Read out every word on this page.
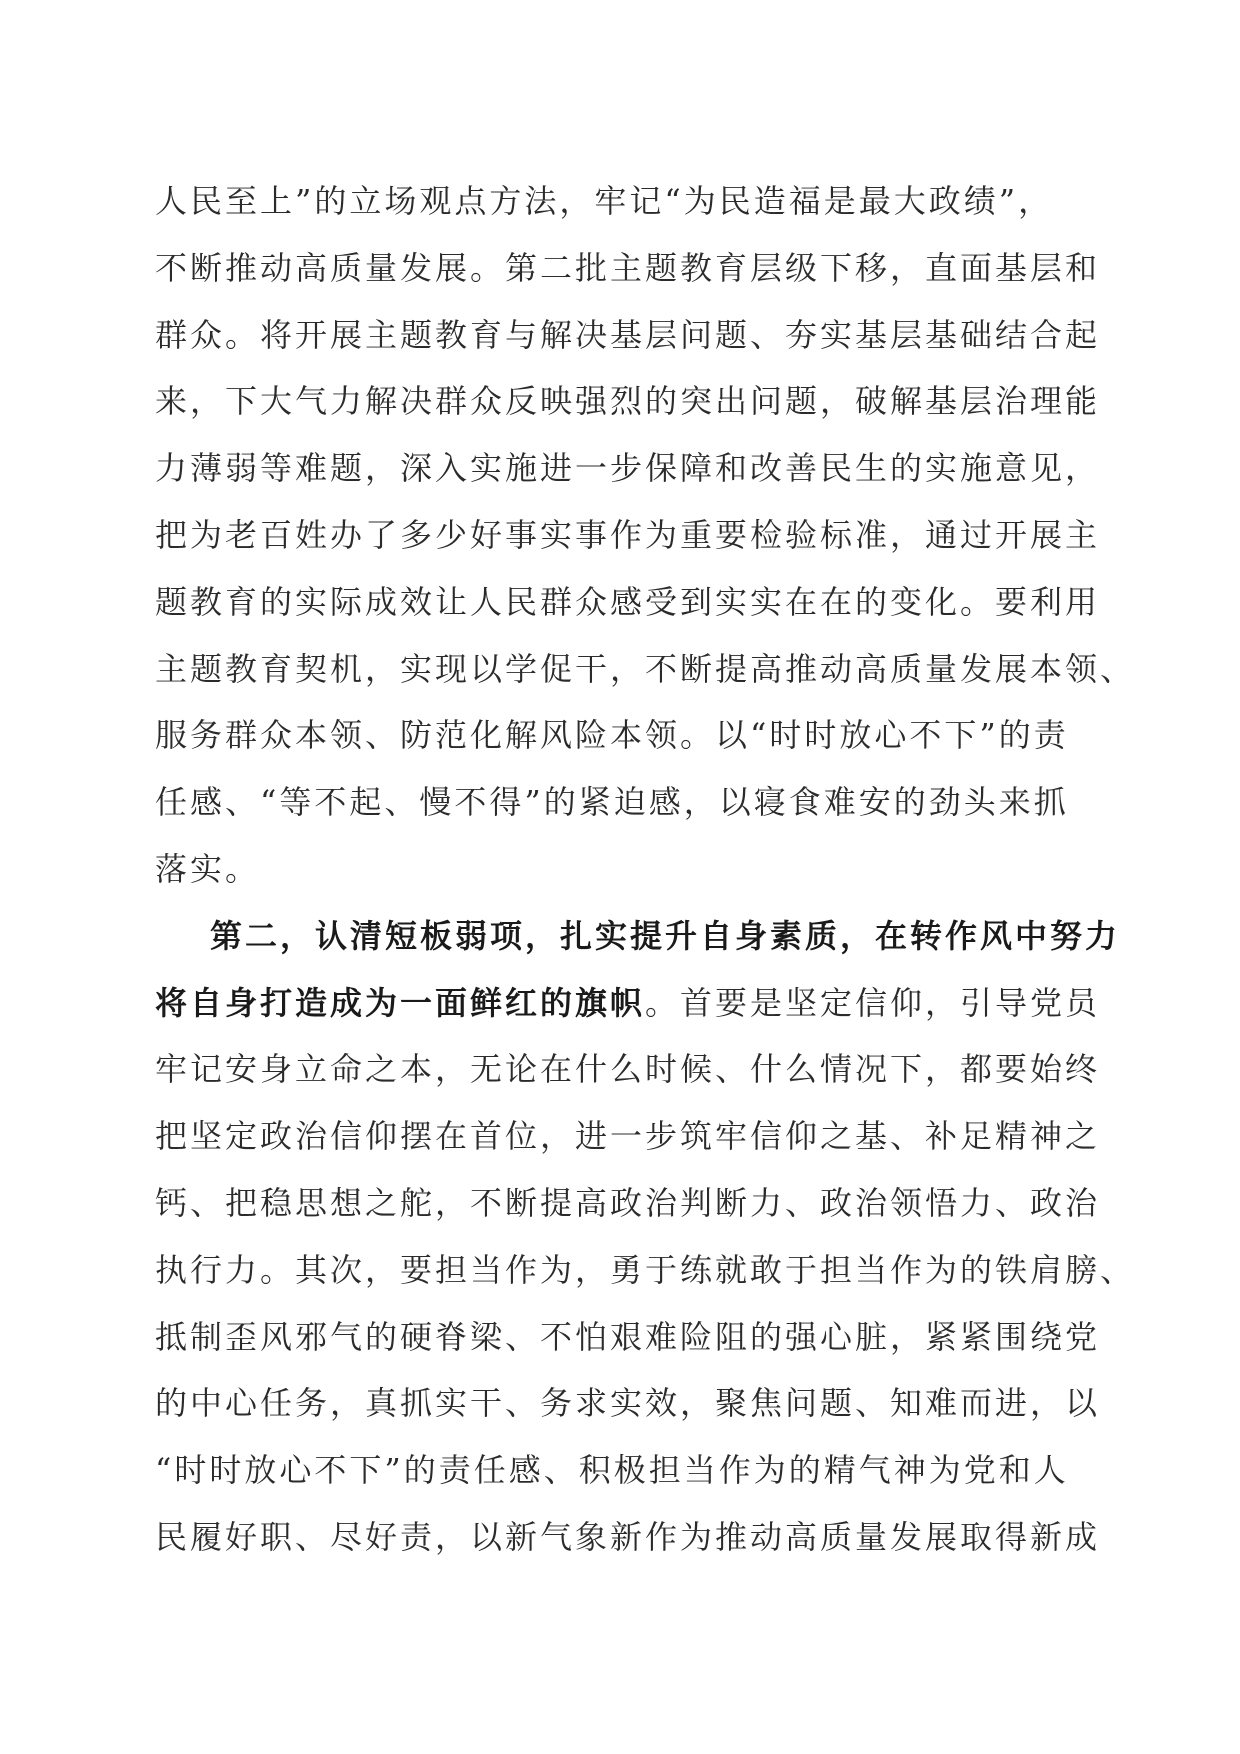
人民至上”的立场观点方法，牢记“为民造福是最大政绩”，
不断推动高质量发展。第二批主题教育层级下移，直面基层和
群众。将开展主题教育与解决基层问题、夯实基层基础结合起
来，下大气力解决群众反映强烈的突出问题，破解基层治理能
力薄弱等难题，深入实施进一步保障和改善民生的实施意见，
把为老百姓办了多少好事实事作为重要检验标准，通过开展主
题教育的实际成效让人民群众感受到实实在在的变化。要利用
主题教育契机，实现以学促干，不断提高推动高质量发展本领、
服务群众本领、防范化解风险本领。以“时时放心不下”的责
任感、“等不起、慢不得”的紧迫感，以寝食难安的劲头来抓
落实。
第二，认清短板弱项，扎实提升自身素质，在转作风中努力
将自身打造成为一面鲜红的旗帜。首要是坚定信仰，引导党员
牢记安身立命之本，无论在什么时候、什么情况下，都要始终
把坚定政治信仰摆在首位，进一步筑牢信仰之基、补足精神之
钙、把稳思想之舵，不断提高政治判断力、政治领悟力、政治
执行力。其次，要担当作为，勇于练就敢于担当作为的铁肩膀、
抵制歪风邪气的硬脊梁、不怕艰难险阻的强心脏，紧紧围绕党
的中心任务，真抓实干、务求实效，聚焦问题、知难而进，以
“时时放心不下”的责任感、积极担当作为的精气神为党和人
民履好职、尽好责，以新气象新作为推动高质量发展取得新成
